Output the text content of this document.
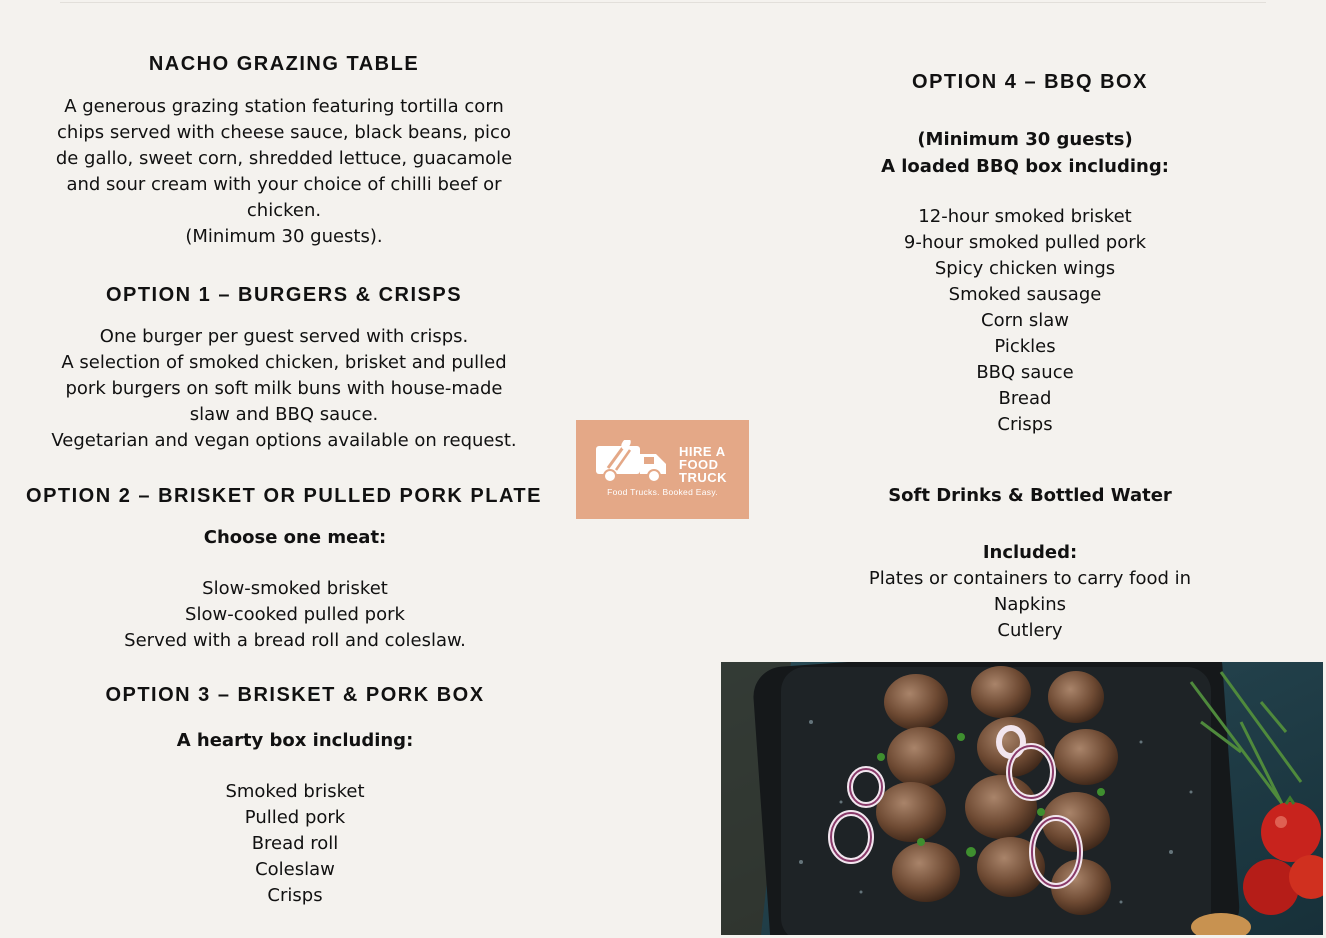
NACHO GRAZING TABLE

A generous grazing station featuring tortilla corn

chips served with cheese sauce, black beans, pico

de gallo, sweet corn, shredded lettuce, guacamole

and sour cream with your choice of chilli beef or

chicken.

(Minimum 30 guests).

OPTION 1 – BURGERS & CRISPS

One burger per guest served with crisps.

A selection of smoked chicken, brisket and pulled

pork burgers on soft milk buns with house-made

slaw and BBQ sauce.

Vegetarian and vegan options available on request.

OPTION 2 – BRISKET OR PULLED PORK PLATE

Choose one meat:

Slow-smoked brisket

Slow-cooked pulled pork

Served with a bread roll and coleslaw.

OPTION 3 – BRISKET & PORK BOX

A hearty box including:

Smoked brisket
Pulled pork
Bread roll
Coleslaw
Crisps
HIRE A
FOOD
TRUCK
Food Trucks. Booked Easy.
OPTION 4 – BBQ BOX

(Minimum 30 guests)

A loaded BBQ box including:

12-hour smoked brisket
9-hour smoked pulled pork
Spicy chicken wings
Smoked sausage
Corn slaw
Pickles
BBQ sauce
Bread
Crisps

Soft Drinks & Bottled Water

Included:

Plates or containers to carry food in
Napkins
Cutlery
